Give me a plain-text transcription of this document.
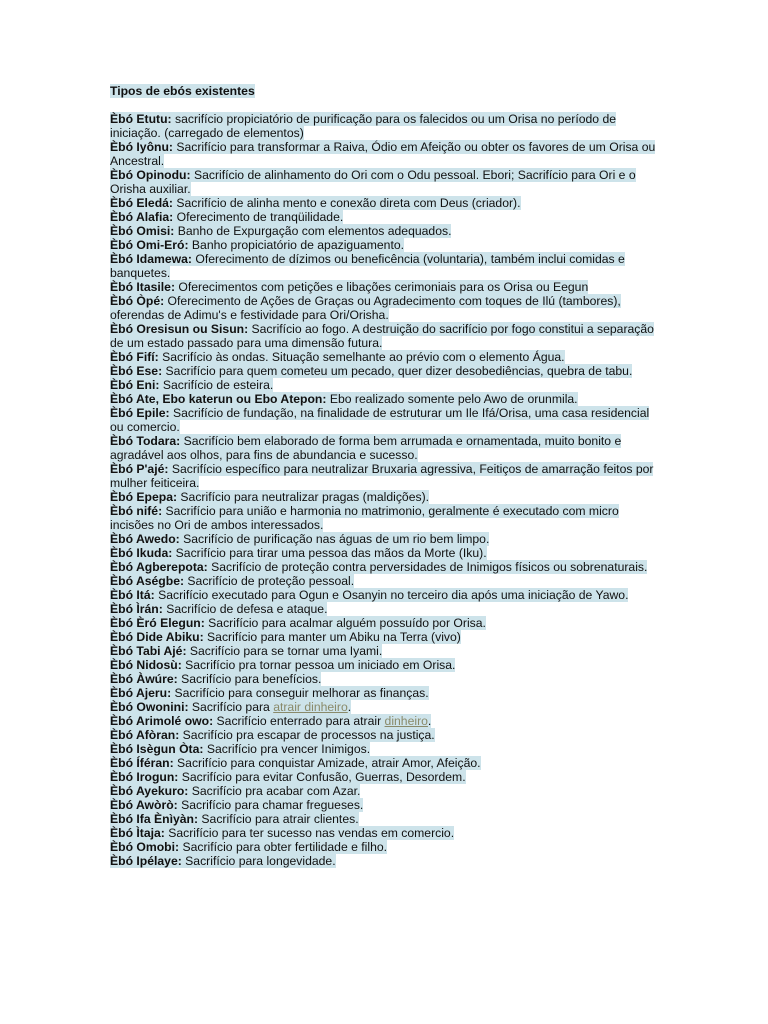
Tipos de ebós existentes
Èbó Etutu: sacrifício propiciatório de purificação para os falecidos ou um Orisa no período de iniciação. (carregado de elementos)
Èbó Iyônu: Sacrifício para transformar a Raiva, Ódio em Afeição ou obter os favores de um Orisa ou Ancestral.
Èbó Opinodu: Sacrifício de alinhamento do Ori com o Odu pessoal. Ebori; Sacrifício para Ori e o Orisha auxiliar.
Èbó Eledá: Sacrifício de alinha mento e conexão direta com Deus (criador).
Èbó Alafia: Oferecimento de tranqüilidade.
Èbó Omisi: Banho de Expurgação com elementos adequados.
Èbó Omi-Eró: Banho propiciatório de apaziguamento.
Èbó Idamewa: Oferecimento de dízimos ou beneficência (voluntaria), também inclui comidas e banquetes.
Èbó Itasile: Oferecimentos com petições e libações cerimoniais para os Orisa ou Eegun
Èbó Òpé: Oferecimento de Ações de Graças ou Agradecimento com toques de Ilú (tambores), oferendas de Adimu's e festividade para Ori/Orisha.
Èbó Oresisun ou Sisun: Sacrifício ao fogo. A destruição do sacrifício por fogo constitui a separação de um estado passado para uma dimensão futura.
Èbó Fifí: Sacrifício às ondas. Situação semelhante ao prévio com o elemento Água.
Èbó Ese: Sacrifício para quem cometeu um pecado, quer dizer desobediências, quebra de tabu.
Èbó Eni: Sacrifício de esteira.
Èbó Ate, Ebo katerun ou Ebo Atepon: Ebo realizado somente pelo Awo de orunmila.
Èbó Epile: Sacrifício de fundação, na finalidade de estruturar um Ile Ifá/Orisa, uma casa residencial ou comercio.
Èbó Todara: Sacrifício bem elaborado de forma bem arrumada e ornamentada, muito bonito e agradável aos olhos, para fins de abundancia e sucesso.
Èbó P'ajé: Sacrifício específico para neutralizar Bruxaria agressiva, Feitiços de amarração feitos por mulher feiticeira.
Èbó Epepa: Sacrifício para neutralizar pragas (maldições).
Èbó nifé: Sacrifício para união e harmonia no matrimonio, geralmente é executado com micro incisões no Ori de ambos interessados.
Èbó Awedo: Sacrifício de purificação nas águas de um rio bem limpo.
Èbó Ikuda: Sacrifício para tirar uma pessoa das mãos da Morte (Iku).
Èbó Agberepota: Sacrifício de proteção contra perversidades de Inimigos físicos ou sobrenaturais.
Èbó Aségbe: Sacrifício de proteção pessoal.
Èbó Itá: Sacrifício executado para Ogun e Osanyin no terceiro dia após uma iniciação de Yawo.
Èbó Ìrán: Sacrifício de defesa e ataque.
Èbó Èró Elegun: Sacrifício para acalmar alguém possuído por Orisa.
Èbó Dide Abiku: Sacrifício para manter um Abiku na Terra (vivo)
Èbó Tabi Ajé: Sacrifício para se tornar uma Iyami.
Èbó Nidosù: Sacrifício pra tornar pessoa um iniciado em Orisa.
Èbó Àwúre: Sacrifício para benefícios.
Èbó Ajeru: Sacrifício para conseguir melhorar as finanças.
Èbó Owonini: Sacrifício para atrair dinheiro.
Èbó Arimolé owo: Sacrifício enterrado para atrair dinheiro.
Èbó Afòran: Sacrifício pra escapar de processos na justiça.
Èbó Isègun Òta: Sacrifício pra vencer Inimigos.
Èbó Íféran: Sacrifício para conquistar Amizade, atrair Amor, Afeição.
Èbó Irogun: Sacrifício para evitar Confusão, Guerras, Desordem.
Èbó Ayekuro: Sacrifício pra acabar com Azar.
Èbó Awòrò: Sacrifício para chamar fregueses.
Èbó Ifa Ènìyàn: Sacrifício para atrair clientes.
Èbó Ìtaja: Sacrifício para ter sucesso nas vendas em comercio.
Èbó Omobi: Sacrifício para obter fertilidade e filho.
Èbó Ipélaye: Sacrifício para longevidade.
